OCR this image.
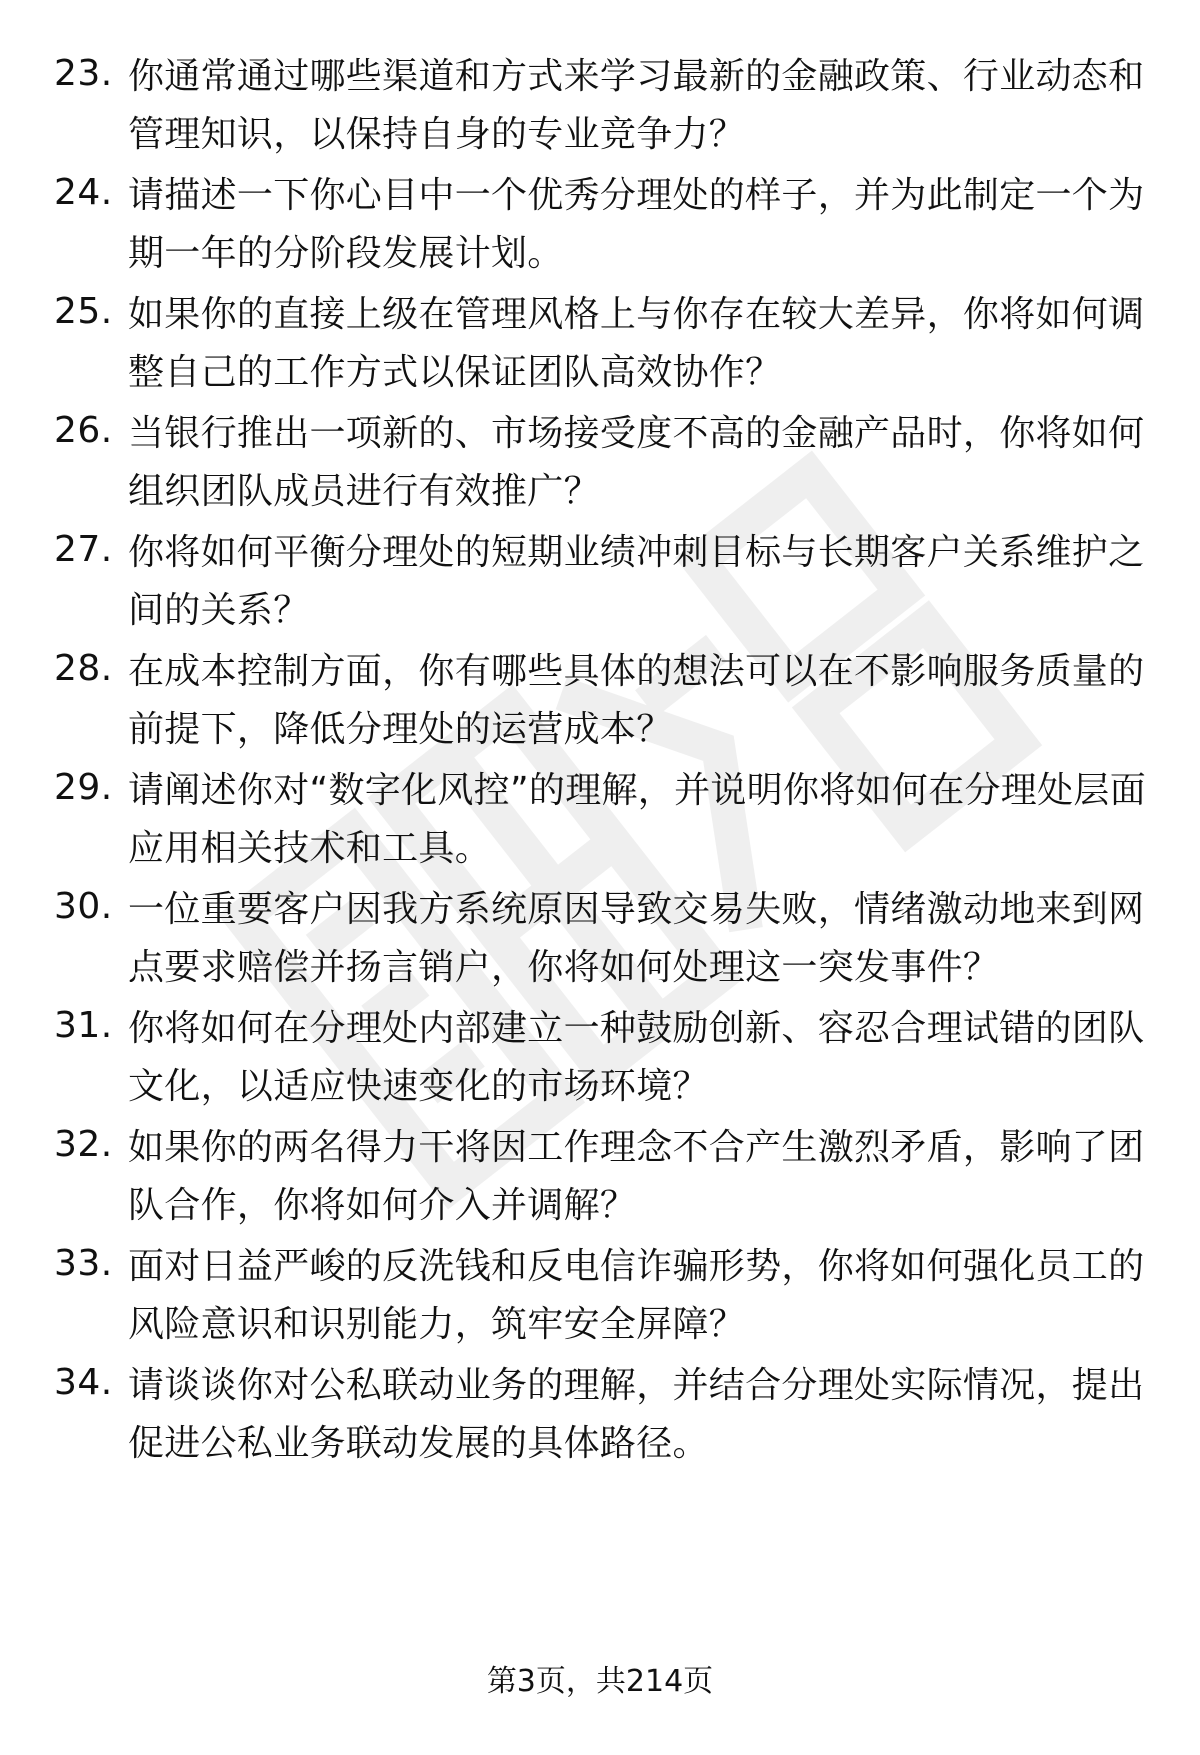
23. 你通常通过哪些渠道和方式来学习最新的金融政策、行业动态和管理知识，以保持自身的专业竞争力？
24. 请描述一下你心目中一个优秀分理处的样子，并为此制定一个为期一年的分阶段发展计划。
25. 如果你的直接上级在管理风格上与你存在较大差异，你将如何调整自己的工作方式以保证团队高效协作？
26. 当银行推出一项新的、市场接受度不高的金融产品时，你将如何组织团队成员进行有效推广？
27. 你将如何平衡分理处的短期业绩冲刺目标与长期客户关系维护之间的关系？
28. 在成本控制方面，你有哪些具体的想法可以在不影响服务质量的前提下，降低分理处的运营成本？
29. 请阐述你对“数字化风控”的理解，并说明你将如何在分理处层面应用相关技术和工具。
30. 一位重要客户因我方系统原因导致交易失败，情绪激动地来到网点要求赔偿并扬言销户，你将如何处理这一突发事件？
31. 你将如何在分理处内部建立一种鼓励创新、容忍合理试错的团队文化，以适应快速变化的市场环境？
32. 如果你的两名得力干将因工作理念不合产生激烈矛盾，影响了团队合作，你将如何介入并调解？
33. 面对日益严峻的反洗钱和反电信诈骗形势，你将如何强化员工的风险意识和识别能力，筑牢安全屏障？
34. 请谈谈你对公私联动业务的理解，并结合分理处实际情况，提出促进公私业务联动发展的具体路径。
第3页，共214页
